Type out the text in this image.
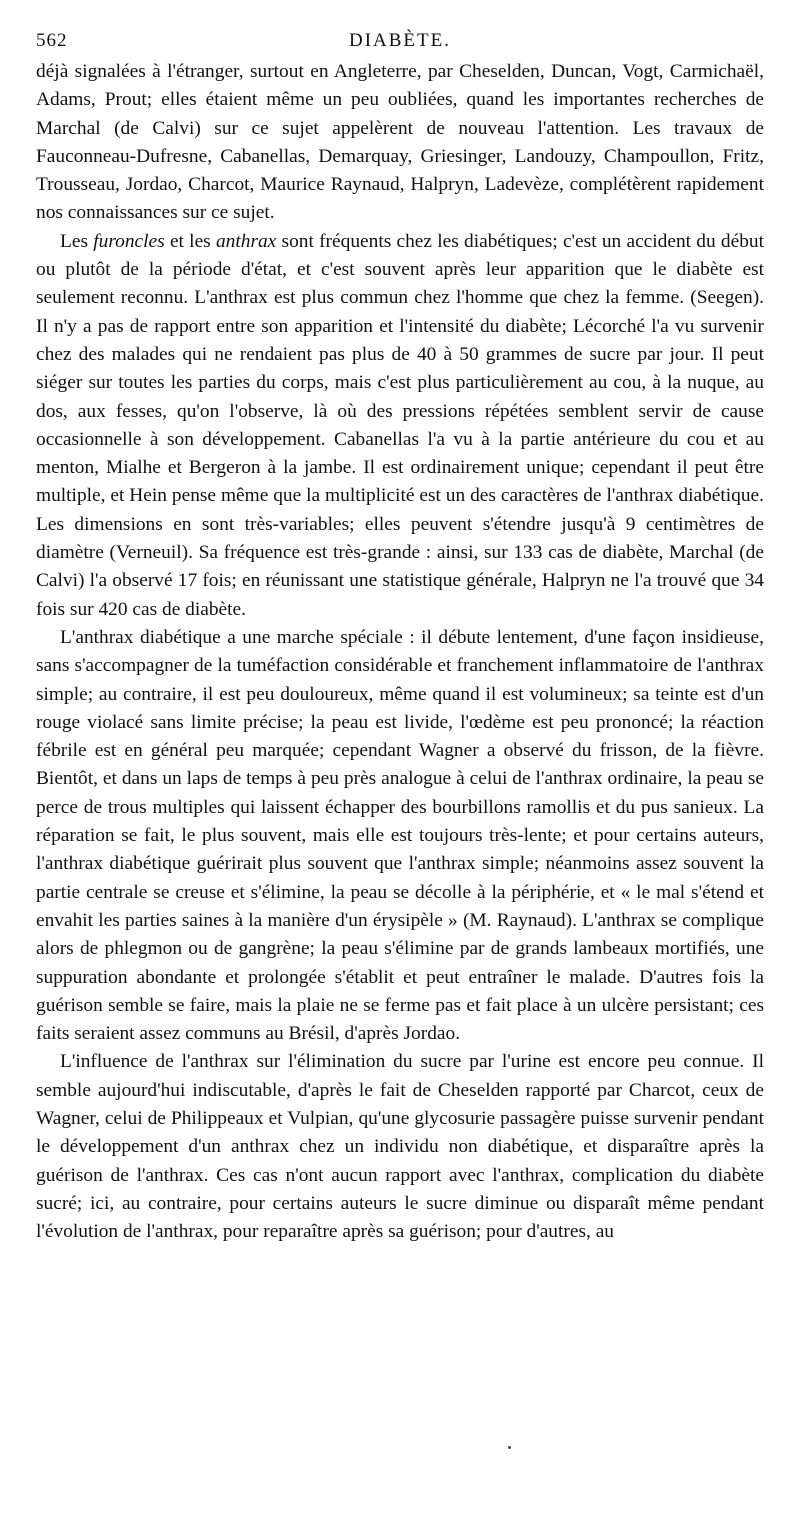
562	DIABÈTE.

déjà signalées à l'étranger, surtout en Angleterre, par Cheselden, Duncan, Vogt, Carmichaël, Adams, Prout; elles étaient même un peu oubliées, quand les importantes recherches de Marchal (de Calvi) sur ce sujet appelèrent de nouveau l'attention. Les travaux de Fauconneau-Dufresne, Cabanellas, Demarquay, Griesinger, Landouzy, Champoullon, Fritz, Trousseau, Jordao, Charcot, Maurice Raynaud, Halpryn, Ladevèze, complétèrent rapidement nos connaissances sur ce sujet.

Les furoncles et les anthrax sont fréquents chez les diabétiques; c'est un accident du début ou plutôt de la période d'état, et c'est souvent après leur apparition que le diabète est seulement reconnu. L'anthrax est plus commun chez l'homme que chez la femme. (Seegen). Il n'y a pas de rapport entre son apparition et l'intensité du diabète; Lécorché l'a vu survenir chez des malades qui ne rendaient pas plus de 40 à 50 grammes de sucre par jour. Il peut siéger sur toutes les parties du corps, mais c'est plus particulièrement au cou, à la nuque, au dos, aux fesses, qu'on l'observe, là où des pressions répétées semblent servir de cause occasionnelle à son développement. Cabanellas l'a vu à la partie antérieure du cou et au menton, Mialhe et Bergeron à la jambe. Il est ordinairement unique; cependant il peut être multiple, et Hein pense même que la multiplicité est un des caractères de l'anthrax diabétique. Les dimensions en sont très-variables; elles peuvent s'étendre jusqu'à 9 centimètres de diamètre (Verneuil). Sa fréquence est très-grande : ainsi, sur 133 cas de diabète, Marchal (de Calvi) l'a observé 17 fois; en réunissant une statistique générale, Halpryn ne l'a trouvé que 34 fois sur 420 cas de diabète.

L'anthrax diabétique a une marche spéciale : il débute lentement, d'une façon insidieuse, sans s'accompagner de la tuméfaction considérable et franchement inflammatoire de l'anthrax simple; au contraire, il est peu douloureux, même quand il est volumineux; sa teinte est d'un rouge violacé sans limite précise; la peau est livide, l'œdème est peu prononcé; la réaction fébrile est en général peu marquée; cependant Wagner a observé du frisson, de la fièvre. Bientôt, et dans un laps de temps à peu près analogue à celui de l'anthrax ordinaire, la peau se perce de trous multiples qui laissent échapper des bourbillons ramollis et du pus sanieux. La réparation se fait, le plus souvent, mais elle est toujours très-lente; et pour certains auteurs, l'anthrax diabétique guérirait plus souvent que l'anthrax simple; néanmoins assez souvent la partie centrale se creuse et s'élimine, la peau se décolle à la périphérie, et « le mal s'étend et envahit les parties saines à la manière d'un érysipèle » (M. Raynaud). L'anthrax se complique alors de phlegmon ou de gangrène; la peau s'élimine par de grands lambeaux mortifiés, une suppuration abondante et prolongée s'établit et peut entraîner le malade. D'autres fois la guérison semble se faire, mais la plaie ne se ferme pas et fait place à un ulcère persistant; ces faits seraient assez communs au Brésil, d'après Jordao.

L'influence de l'anthrax sur l'élimination du sucre par l'urine est encore peu connue. Il semble aujourd'hui indiscutable, d'après le fait de Cheselden rapporté par Charcot, ceux de Wagner, celui de Philippeaux et Vulpian, qu'une glycosurie passagère puisse survenir pendant le développement d'un anthrax chez un individu non diabétique, et disparaître après la guérison de l'anthrax. Ces cas n'ont aucun rapport avec l'anthrax, complication du diabète sucré; ici, au contraire, pour certains auteurs le sucre diminue ou disparaît même pendant l'évolution de l'anthrax, pour reparaître après sa guérison; pour d'autres, au
